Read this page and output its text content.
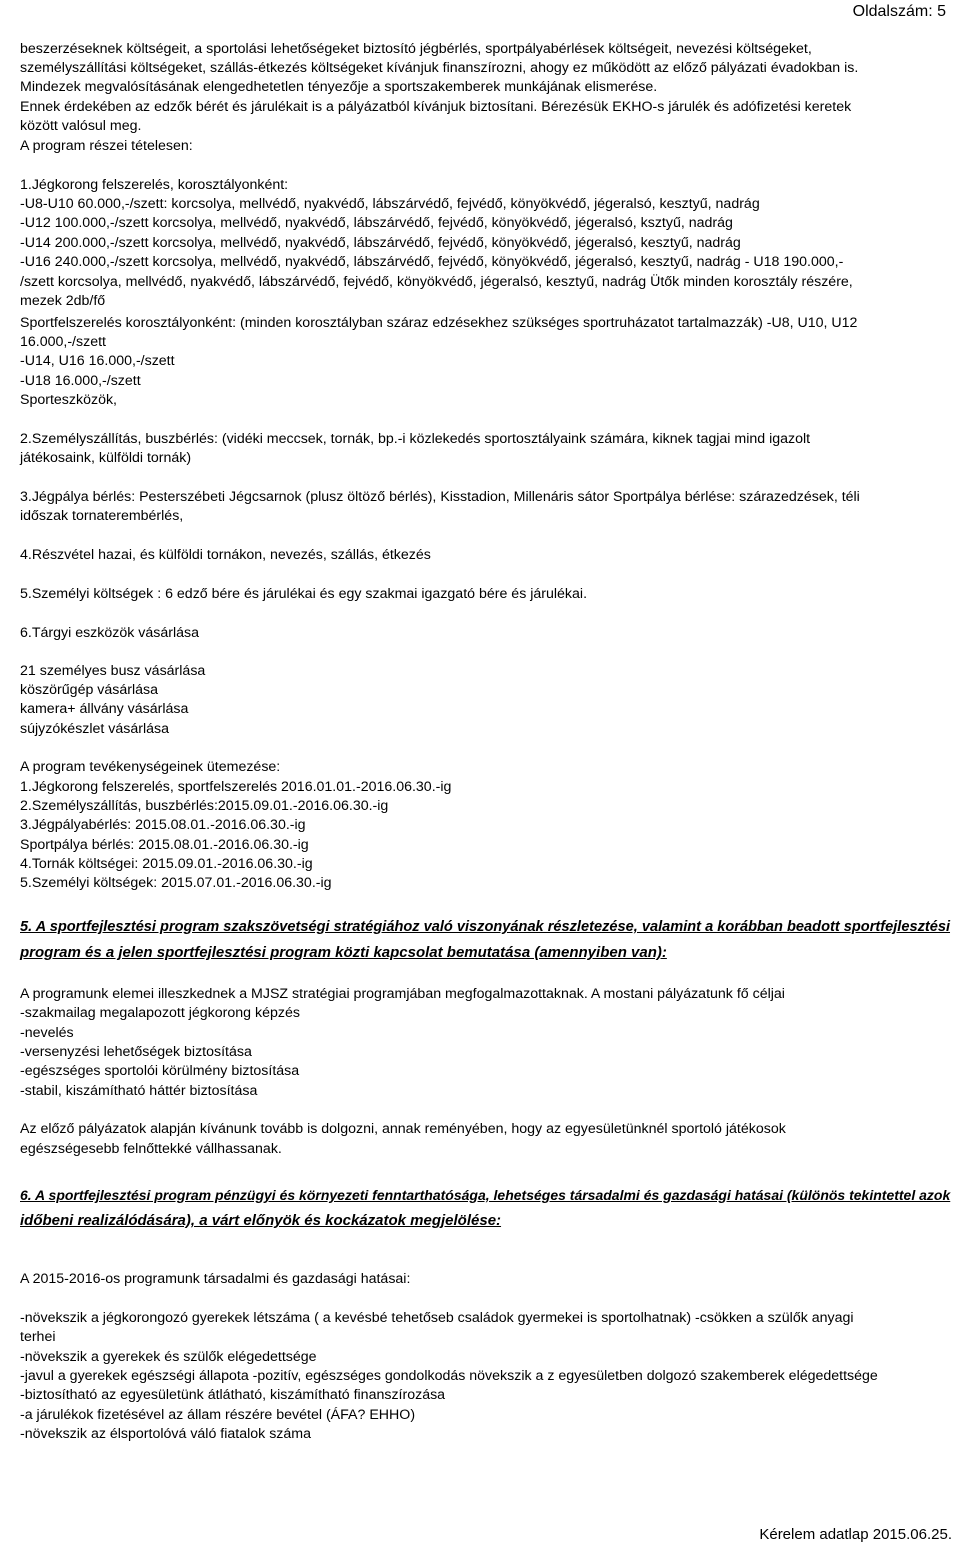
Oldalszám: 5
beszerzéseknek költségeit, a sportolási lehetőségeket biztosító jégbérlés, sportpályabérlések költségeit, nevezési költségeket,
személyszállítási költségeket, szállás-étkezés költségeket kívánjuk finanszírozni, ahogy ez működött az előző pályázati évadokban is.
Mindezek megvalósításának elengedhetetlen tényezője a sportszakemberek munkájának elismerése.
Ennek érdekében az edzők bérét és járulékait is a pályázatból kívánjuk biztosítani. Bérezésük EKHO-s járulék és adófizetési keretek
között valósul meg.
A program részei tételesen:
1.Jégkorong felszerelés, korosztályonként:
-U8-U10 60.000,-/szett: korcsolya, mellvédő, nyakvédő, lábszárvédő, fejvédő, könyökvédő, jégeralsó, kesztyű, nadrág
-U12 100.000,-/szett korcsolya, mellvédő, nyakvédő, lábszárvédő, fejvédő, könyökvédő, jégeralsó, ksztyű, nadrág
-U14 200.000,-/szett korcsolya, mellvédő, nyakvédő, lábszárvédő, fejvédő, könyökvédő, jégeralsó, kesztyű, nadrág
-U16 240.000,-/szett korcsolya, mellvédő, nyakvédő, lábszárvédő, fejvédő, könyökvédő, jégeralsó, kesztyű, nadrág - U18 190.000,-
/szett korcsolya, mellvédő, nyakvédő, lábszárvédő, fejvédő, könyökvédő, jégeralsó, kesztyű, nadrág Ütők minden korosztály részére,
mezek 2db/fő
Sportfelszerelés korosztályonként: (minden korosztályban száraz edzésekhez szükséges sportruházatot tartalmazzák) -U8, U10, U12
16.000,-/szett
-U14, U16 16.000,-/szett
-U18 16.000,-/szett
Sporteszközök,
2.Személyszállítás, buszbérlés: (vidéki meccsek, tornák, bp.-i közlekedés sportosztályaink számára, kiknek tagjai mind igazolt
játékosaink, külföldi tornák)
3.Jégpálya bérlés: Pesterszébeti Jégcsarnok (plusz öltöző bérlés), Kisstadion, Millenáris sátor Sportpálya bérlése: szárazedzések, téli
időszak tornaterembérlés,
4.Részvétel hazai, és külföldi tornákon, nevezés, szállás, étkezés
5.Személyi költségek : 6 edző bére és járulékai és egy szakmai igazgató bére és járulékai.
6.Tárgyi eszközök vásárlása
21 személyes busz vásárlása
köszörűgép vásárlása
kamera+ állvány vásárlása
sújyzókészlet vásárlása
A program tevékenységeinek ütemezése:
1.Jégkorong felszerelés, sportfelszerelés 2016.01.01.-2016.06.30.-ig
2.Személyszállítás, buszbérlés:2015.09.01.-2016.06.30.-ig
3.Jégpályabérlés: 2015.08.01.-2016.06.30.-ig
Sportpálya bérlés: 2015.08.01.-2016.06.30.-ig
4.Tornák költségei: 2015.09.01.-2016.06.30.-ig
5.Személyi költségek: 2015.07.01.-2016.06.30.-ig
5. A sportfejlesztési program szakszövetségi stratégiához való viszonyának részletezése, valamint a korábban beadott sportfejlesztési
program és a jelen sportfejlesztési program közti kapcsolat bemutatása (amennyiben van):
A programunk elemei illeszkednek a MJSZ stratégiai programjában megfogalmazottaknak. A mostani pályázatunk fő céljai
-szakmailag megalapozott jégkorong képzés
-nevelés
-versenyzési lehetőségek biztosítása
-egészséges sportolói körülmény biztosítása
-stabil, kiszámítható háttér biztosítása
Az előző pályázatok alapján kívánunk tovább is dolgozni, annak reményében, hogy az egyesületünknél sportoló játékosok
egészségesebb felnőttekké vállhassanak.
6. A sportfejlesztési program pénzügyi és környezeti fenntarthatósága, lehetséges társadalmi és gazdasági hatásai (különös tekintettel azok
időbeni realizálódására), a várt előnyök és kockázatok megjelölése:
A 2015-2016-os programunk társadalmi és gazdasági hatásai:
-növekszik a jégkorongozó gyerekek létszáma ( a kevésbé tehetőseb családok gyermekei is sportolhatnak) -csökken a szülők anyagi
terhei
-növekszik a gyerekek és szülők elégedettsége
-javul a gyerekek egészségi állapota -pozitív, egészséges gondolkodás növekszik a z egyesületben dolgozó szakemberek elégedettsége
-biztosítható az egyesületünk átlátható, kiszámítható finanszírozása
-a járulékok fizetésével az állam részére bevétel (ÁFA? EHHO)
-növekszik az élsportolóvá váló fiatalok száma
Kérelem adatlap 2015.06.25.
